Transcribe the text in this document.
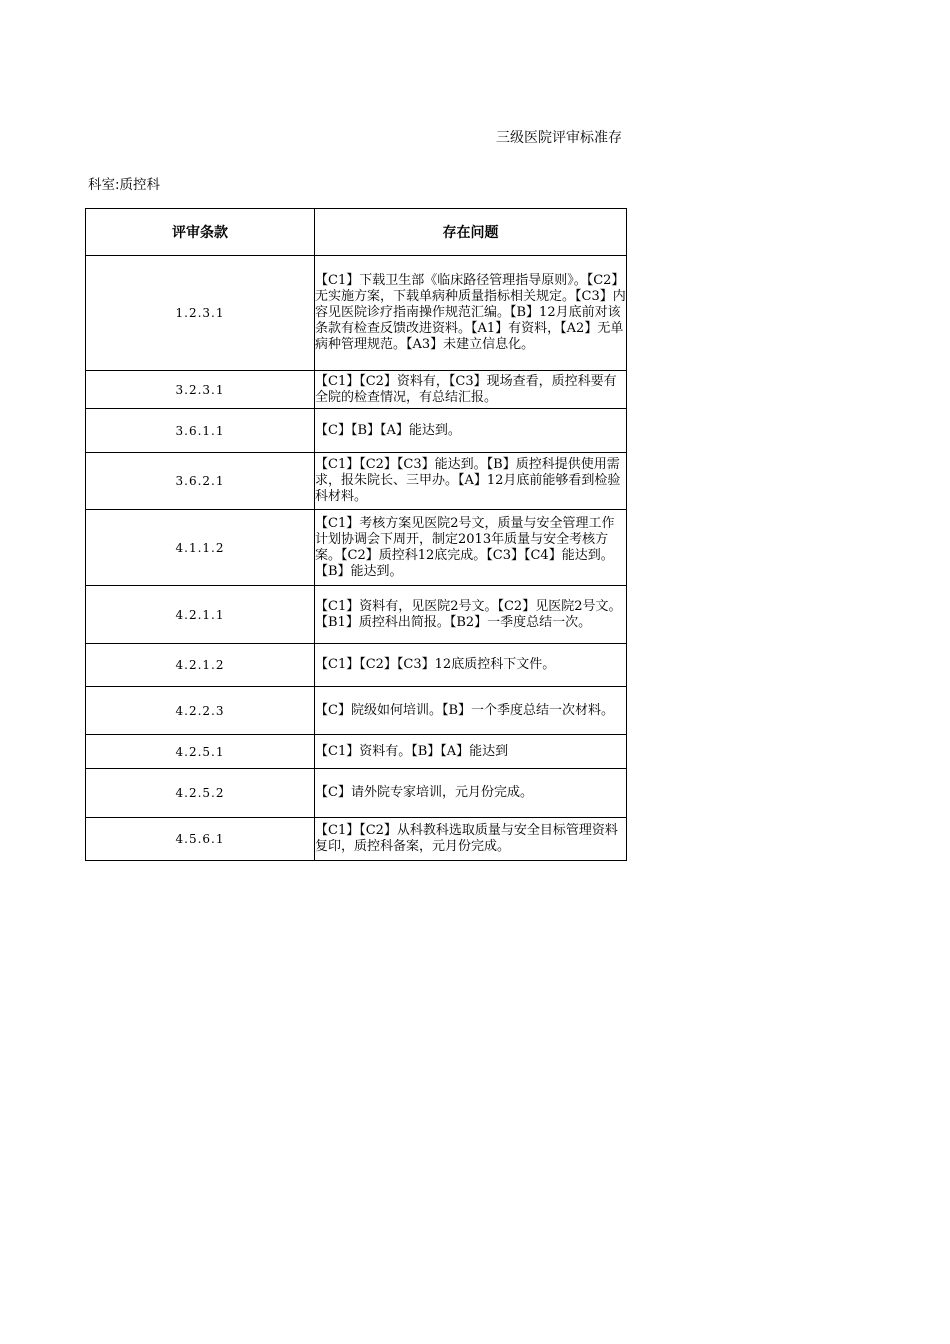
三级医院评审标准存
科室:质控科
评审条款	存在问题
1.2.3.1	【C1】下载卫生部《临床路径管理指导原则》。【C2】无实施方案，下载单病种质量指标相关规定。【C3】内容见医院诊疗指南操作规范汇编。【B】12月底前对该条款有检查反馈改进资料。【A1】有资料，【A2】无单病种管理规范。【A3】未建立信息化。
3.2.3.1	【C1】【C2】资料有，【C3】现场查看，质控科要有全院的检查情况，有总结汇报。
3.6.1.1	【C】【B】【A】能达到。
3.6.2.1	【C1】【C2】【C3】能达到。【B】质控科提供使用需求，报朱院长、三甲办。【A】12月底前能够看到检验科材料。
4.1.1.2	【C1】考核方案见医院2号文，质量与安全管理工作计划协调会下周开，制定2013年质量与安全考核方案。【C2】质控科12底完成。【C3】【C4】能达到。【B】能达到。
4.2.1.1	【C1】资料有，见医院2号文。【C2】见医院2号文。【B1】质控科出简报。【B2】一季度总结一次。
4.2.1.2	【C1】【C2】【C3】12底质控科下文件。
4.2.2.3	【C】院级如何培训。【B】一个季度总结一次材料。
4.2.5.1	【C1】资料有。【B】【A】能达到
4.2.5.2	【C】请外院专家培训，元月份完成。
4.5.6.1	【C1】【C2】从科教科选取质量与安全目标管理资料复印，质控科备案，元月份完成。
